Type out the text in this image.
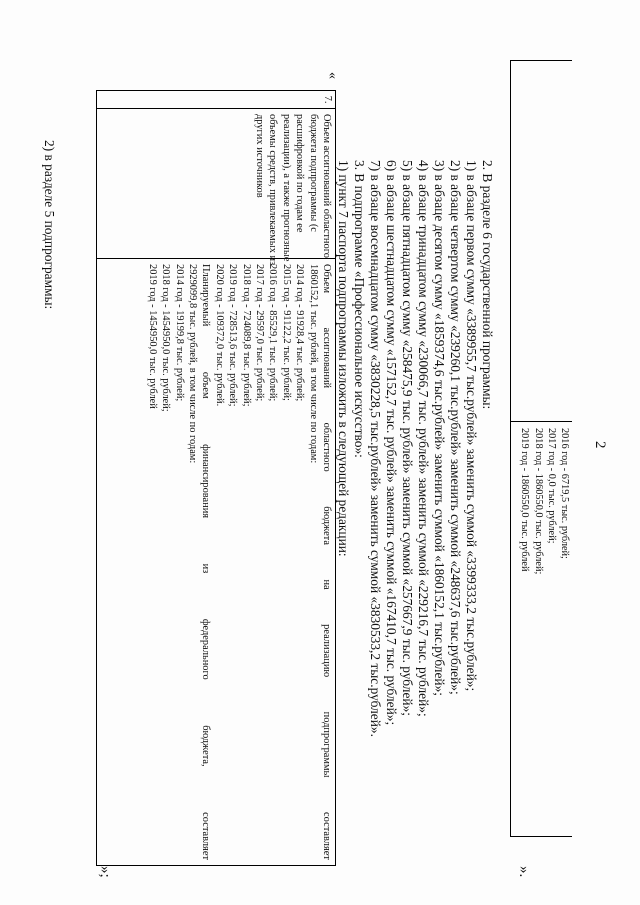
2
2016 год - 6719,5 тыс. рублей;
2017 год - 0,0 тыс. рублей;
2018 год - 1860550,0 тыс. рублей;
2019 год - 1860550,0 тыс. рублей
».
2. В разделе 6 государственной программы:
1) в абзаце первом сумму «3389955,7 тыс.рублей» заменить суммой «3399333,2 тыс.рублей»;
2) в абзаце четвертом сумму «239260,1 тыс.рублей» заменить суммой «248637,6 тыс.рублей»;
3) в абзаце десятом сумму «1859374,6 тыс.рублей» заменить суммой «1860152,1 тыс.рублей»;
4) в абзаце тринадцатом сумму «230066,7 тыс. рублей» заменить суммой «229216,7 тыс. рублей»;
5) в абзаце пятнадцатом сумму «258475,9 тыс. рублей» заменить суммой «257667,9 тыс. рублей»;
6) в абзаце шестнадцатом сумму «157152,7 тыс. рублей» заменить суммой «167410,7 тыс. рублей»;
7) в абзаце восемнадцатом сумму «3830228,5 тыс.рублей» заменить суммой «3830533,2 тыс.рублей».
3. В подпрограмме «Профессиональное искусство»:
1) пункт 7 паспорта подпрограммы изложить в следующей редакции:
«
7.
Объем ассигнований областного
бюджета подпрограммы (с
расшифровкой по годам ее
реализации), а также прогнозные
объемы средств, привлекаемых из
других источников
Объем
ассигнований
областного
бюджета
на
реализацию
подпрограммы
составляет
1860152,1 тыс. рублей, в том числе по годам:
2014 год - 91928,4 тыс. рублей;
2015 год - 91122,2 тыс. рублей;
2016 год - 85529,1 тыс. рублей;
2017 год - 29597,0 тыс. рублей;
2018 год - 724089,8 тыс. рублей;
2019 год - 728513,6 тыс. рублей;
2020 год - 109372,0 тыс. рублей.
Планируемый
объем
финансирования
из
федерального
бюджета,
составляет
2929099,8 тыс. рублей, в том числе по годам:
2014 год - 19199,8 тыс. рублей;
2018 год - 1454950,0 тыс. рублей;
2019 год - 1454950,0 тыс. рублей
»;
2) в разделе 5 подпрограммы:
